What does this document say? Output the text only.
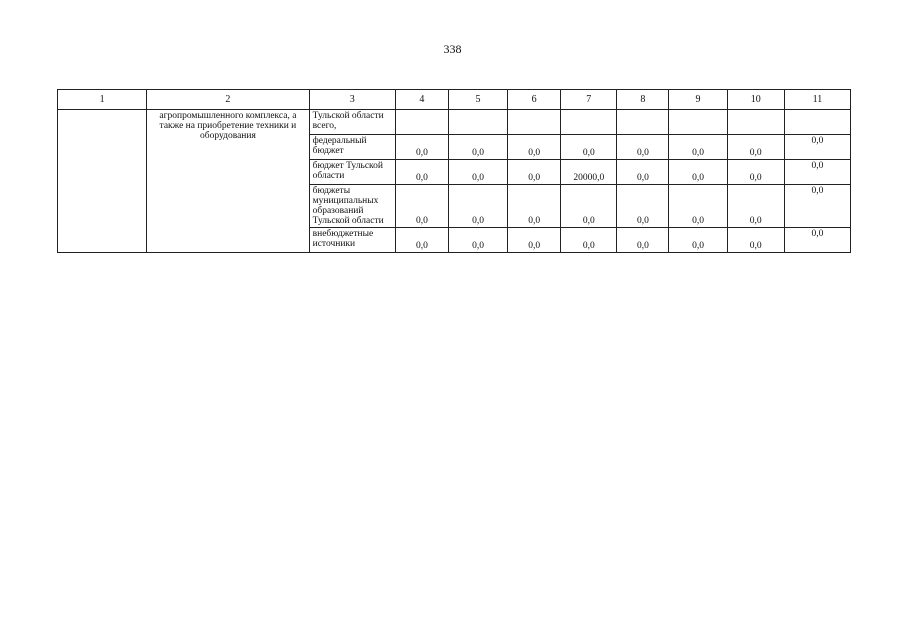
338
1	2	3	4	5	6	7	8	9	10	11
	агропромышленного комплекса, а также на приобретение техники и оборудования	Тульской области всего,								
		федеральный бюджет	0,0	0,0	0,0	0,0	0,0	0,0	0,0	0,0
		бюджет Тульской области	0,0	0,0	0,0	20000,0	0,0	0,0	0,0	0,0
		бюджеты муниципальных образований Тульской области	0,0	0,0	0,0	0,0	0,0	0,0	0,0	0,0
		внебюджетные источники	0,0	0,0	0,0	0,0	0,0	0,0	0,0	0,0
